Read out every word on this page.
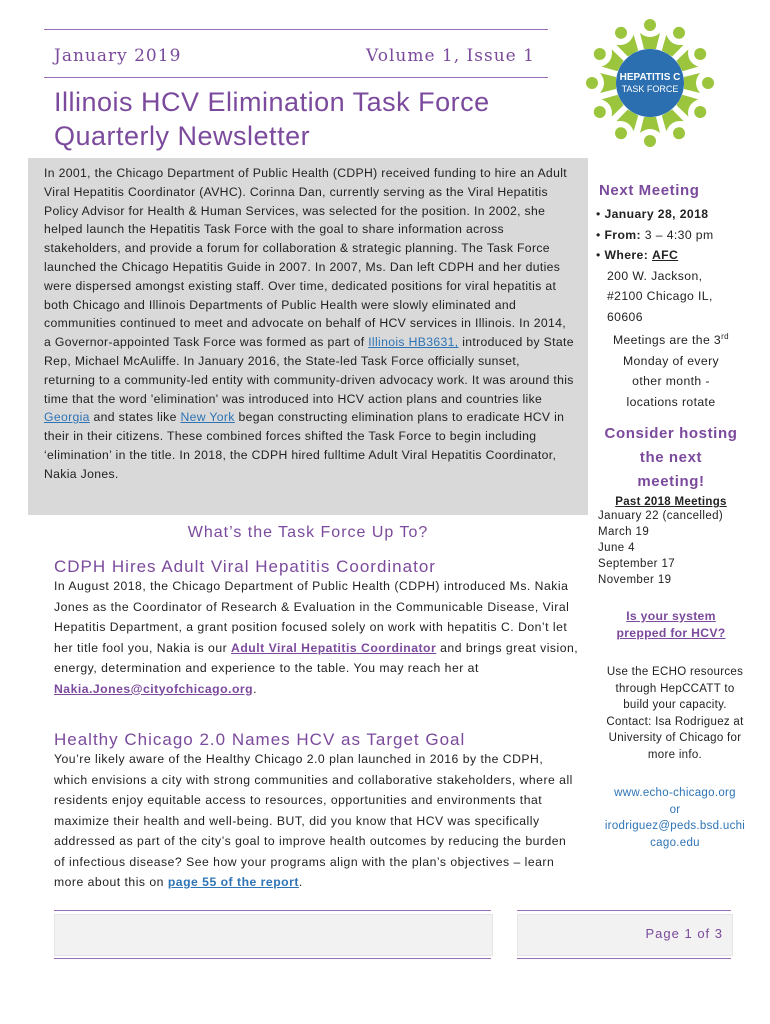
January 2019	Volume 1, Issue 1
Illinois HCV Elimination Task Force
Quarterly Newsletter
HEPATITIS C
TASK FORCE
In 2001, the Chicago Department of Public Health (CDPH) received funding to hire an Adult Viral Hepatitis Coordinator (AVHC). Corinna Dan, currently serving as the Viral Hepatitis Policy Advisor for Health & Human Services, was selected for the position. In 2002, she helped launch the Hepatitis Task Force with the goal to share information across stakeholders, and provide a forum for collaboration & strategic planning. The Task Force launched the Chicago Hepatitis Guide in 2007. In 2007, Ms. Dan left CDPH and her duties were dispersed amongst existing staff. Over time, dedicated positions for viral hepatitis at both Chicago and Illinois Departments of Public Health were slowly eliminated and communities continued to meet and advocate on behalf of HCV services in Illinois. In 2014, a Governor-appointed Task Force was formed as part of Illinois HB3631, introduced by State Rep, Michael McAuliffe. In January 2016, the State-led Task Force officially sunset, returning to a community-led entity with community-driven advocacy work. It was around this time that the word 'elimination' was introduced into HCV action plans and countries like Georgia and states like New York began constructing elimination plans to eradicate HCV in their in their citizens. These combined forces shifted the Task Force to begin including ‘elimination’ in the title. In 2018, the CDPH hired fulltime Adult Viral Hepatitis Coordinator, Nakia Jones.
What’s the Task Force Up To?
CDPH Hires Adult Viral Hepatitis Coordinator
In August 2018, the Chicago Department of Public Health (CDPH) introduced Ms. Nakia Jones as the Coordinator of Research & Evaluation in the Communicable Disease, Viral Hepatitis Department, a grant position focused solely on work with hepatitis C. Don’t let her title fool you, Nakia is our Adult Viral Hepatitis Coordinator and brings great vision, energy, determination and experience to the table. You may reach her at Nakia.Jones@cityofchicago.org.
Healthy Chicago 2.0 Names HCV as Target Goal
You’re likely aware of the Healthy Chicago 2.0 plan launched in 2016 by the CDPH, which envisions a city with strong communities and collaborative stakeholders, where all residents enjoy equitable access to resources, opportunities and environments that maximize their health and well-being. BUT, did you know that HCV was specifically addressed as part of the city’s goal to improve health outcomes by reducing the burden of infectious disease? See how your programs align with the plan’s objectives – learn more about this on page 55 of the report.
Next Meeting
• January 28, 2018
• From: 3 – 4:30 pm
• Where: AFC
200 W. Jackson,
#2100 Chicago IL,
60606
Meetings are the 3rd
Monday of every
other month -
locations rotate
Consider hosting
the next
meeting!
Past 2018 Meetings
January 22 (cancelled)
March 19
June 4
September 17
November 19
Is your system
prepped for HCV?
Use the ECHO resources
through HepCCATT to
build your capacity.
Contact: Isa Rodriguez at
University of Chicago for
more info.
www.echo-chicago.org
or
irodriguez@peds.bsd.uchi
cago.edu
Page 1 of 3
